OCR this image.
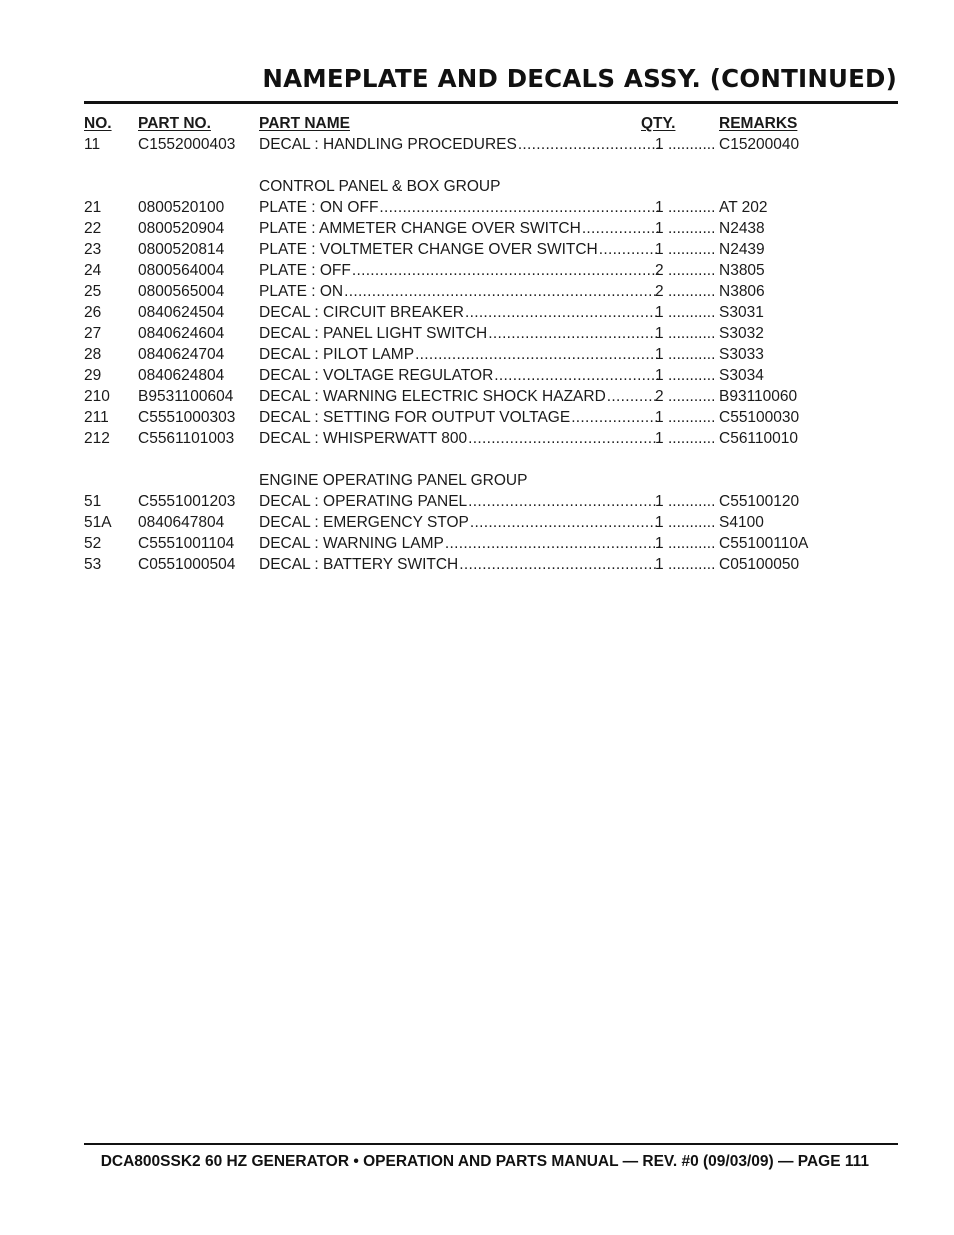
NAMEPLATE AND DECALS ASSY. (CONTINUED)
NO. PART NO.	PART NAME	QTY.	REMARKS
11 C1552000403 DECAL : HANDLING PROCEDURES .....	1 ........... C15200040
CONTROL PANEL & BOX GROUP
21 0800520100 PLATE : ON OFF .....	1 ........... AT 202
22 0800520904 PLATE : AMMETER CHANGE OVER SWITCH .....	1 ........... N2438
23 0800520814 PLATE : VOLTMETER CHANGE OVER SWITCH .....	1 ........... N2439
24 0800564004 PLATE : OFF .....	2 ........... N3805
25 0800565004 PLATE : ON .....	2 ........... N3806
26 0840624504 DECAL : CIRCUIT BREAKER .....	1 ........... S3031
27 0840624604 DECAL : PANEL LIGHT SWITCH .....	1 ........... S3032
28 0840624704 DECAL : PILOT LAMP .....	1 ........... S3033
29 0840624804 DECAL : VOLTAGE REGULATOR .....	1 ........... S3034
210 B9531100604 DECAL : WARNING ELECTRIC SHOCK HAZARD .....	2 ........... B93110060
211 C5551000303 DECAL : SETTING FOR OUTPUT VOLTAGE .....	1 ........... C55100030
212 C5561101003 DECAL : WHISPERWATT 800 .....	1 ........... C56110010
ENGINE OPERATING PANEL GROUP
51 C5551001203 DECAL : OPERATING PANEL .....	1 ........... C55100120
51A 0840647804 DECAL : EMERGENCY STOP .....	1 ........... S4100
52 C5551001104 DECAL : WARNING LAMP .....	1 ........... C55100110A
53 C0551000504 DECAL : BATTERY SWITCH .....	1 ........... C05100050
DCA800SSK2 60 HZ GENERATOR • OPERATION AND PARTS MANUAL — REV. #0 (09/03/09) — PAGE 111
